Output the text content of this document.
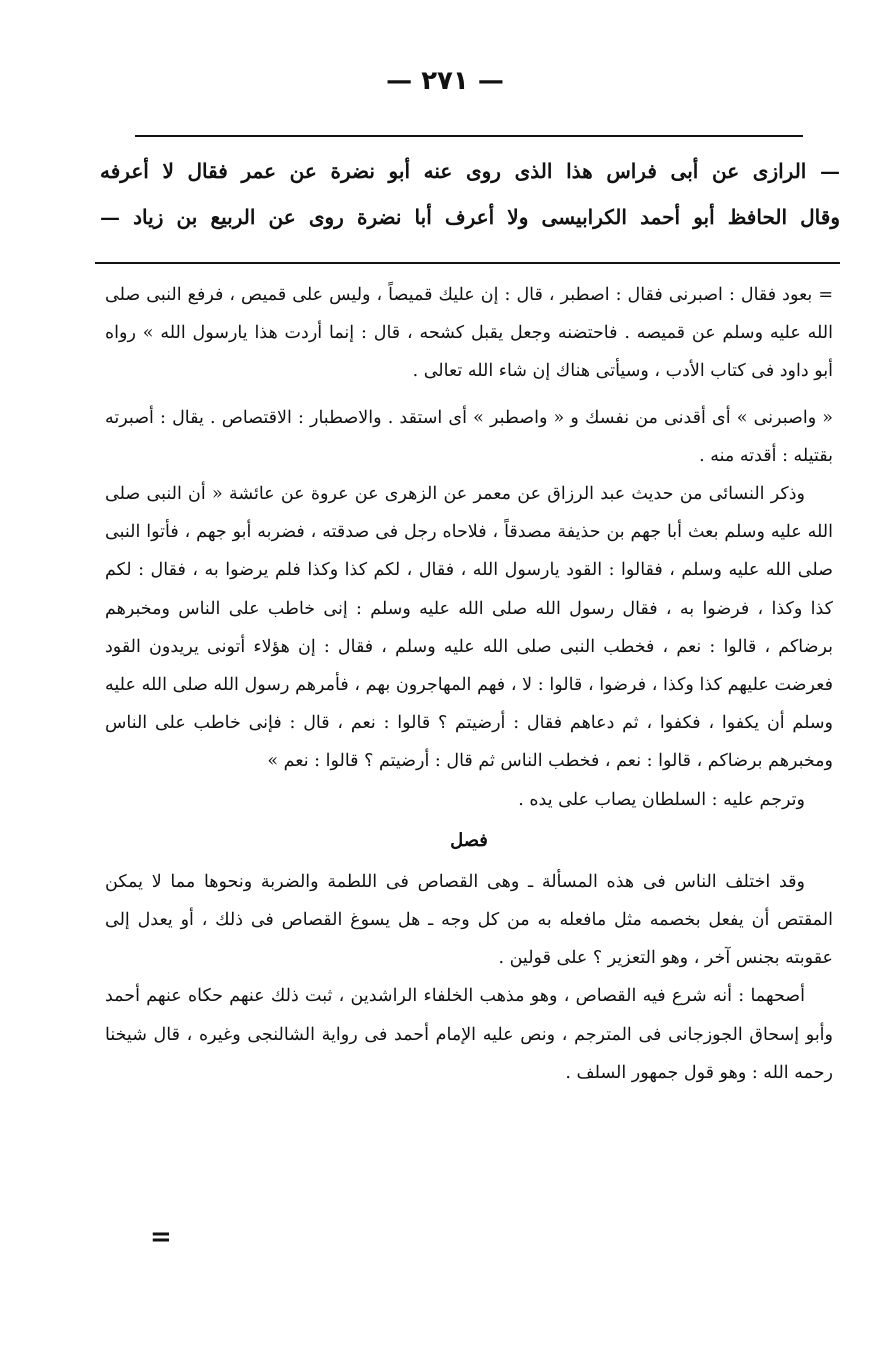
— ٢٧١ —
— الرازى عن أبى فراس هذا الذى روى عنه أبو نضرة عن عمر فقال لا أعرفه
وقال الحافظ أبو أحمد الكرابيسى ولا أعرف أبا نضرة روى عن الربيع بن زياد —

= بعود فقال : اصبرنى فقال : اصطبر ، قال : إن عليك قميصاً ، وليس على قميص ، فرفع النبى صلى الله عليه وسلم عن قميصه . فاحتضنه وجعل يقبل كشحه ، قال : إنما أردت هذا يارسول الله » رواه أبو داود فى كتاب الأدب ، وسيأتى هناك إن شاء الله تعالى .

« واصبرنى » أى أقدنى من نفسك و « واصطبر » أى استقد . والاصطبار : الاقتصاص . يقال : أصبرته بقتيله : أقدته منه .

وذكر النسائى من حديث عبد الرزاق عن معمر عن الزهرى عن عروة عن عائشة « أن النبى صلى الله عليه وسلم بعث أبا جهم بن حذيفة مصدقاً ، فلاحاه رجل فى صدقته ، فضربه أبو جهم ، فأتوا النبى صلى الله عليه وسلم ، فقالوا : القود يارسول الله ، فقال ، لكم كذا وكذا فلم يرضوا به ، فقال : لكم كذا وكذا ، فرضوا به ، فقال رسول الله صلى الله عليه وسلم : إنى خاطب على الناس ومخبرهم برضاكم ، قالوا : نعم ، فخطب النبى صلى الله عليه وسلم ، فقال : إن هؤلاء أتونى يريدون القود فعرضت عليهم كذا وكذا ، فرضوا ، قالوا : لا ، فهم المهاجرون بهم ، فأمرهم رسول الله صلى الله عليه وسلم أن يكفوا ، فكفوا ، ثم دعاهم فقال : أرضيتم ؟ قالوا : نعم ، قال : فإنى خاطب على الناس ومخبرهم برضاكم ، قالوا : نعم ، فخطب الناس ثم قال : أرضيتم ؟ قالوا : نعم »

وترجم عليه : السلطان يصاب على يده .

فصل

وقد اختلف الناس فى هذه المسألة ـ وهى القصاص فى اللطمة والضربة ونحوها مما لا يمكن المقتص أن يفعل بخصمه مثل مافعله به من كل وجه ـ هل يسوغ القصاص فى ذلك ، أو يعدل إلى عقوبته بجنس آخر ، وهو التعزير ؟ على قولين .

أصحهما : أنه شرع فيه القصاص ، وهو مذهب الخلفاء الراشدين ، ثبت ذلك عنهم حكاه عنهم أحمد وأبو إسحاق الجوزجانى فى المترجم ، ونص عليه الإمام أحمد فى رواية الشالنجى وغيره ، قال شيخنا رحمه الله : وهو قول جمهور السلف .

=
